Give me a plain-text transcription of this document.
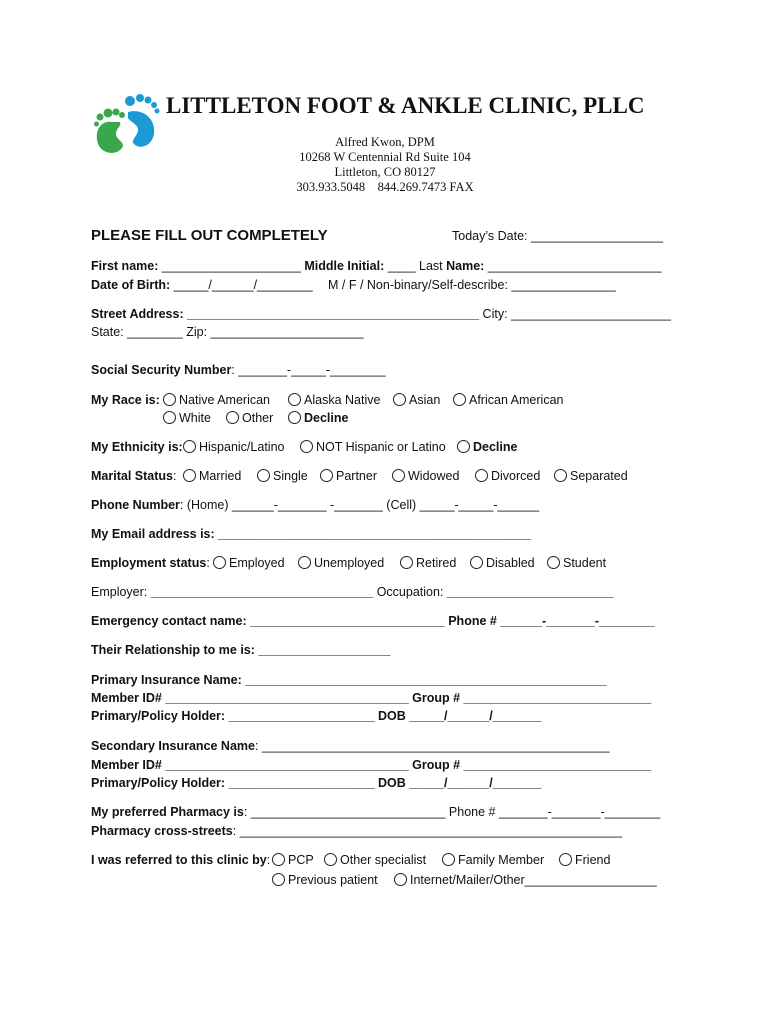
LITTLETON FOOT & ANKLE CLINIC, PLLC
Alfred Kwon, DPM
10268 W Centennial Rd Suite 104
Littleton, CO 80127
303.933.5048    844.269.7473 FAX
PLEASE FILL OUT COMPLETELY	Today’s Date: ___________________
First name: ____________________ Middle Initial: ____ Last Name: _________________________
Date of Birth: _____/______/________ M / F / Non-binary/Self-describe: _______________
Street Address: __________________________________________ City: _______________________
State: ________ Zip: ______________________
Social Security Number: _______-_____-________
My Race is:	Native American	Alaska Native	Asian	African American
White	Other	Decline
My Ethnicity is:	Hispanic/Latino	NOT Hispanic or Latino	Decline
Marital Status:	Married	Single	Partner	Widowed	Divorced	Separated
Phone Number: (Home) ______-_______ -_______ (Cell) _____-_____-______
My Email address is: _____________________________________________
Employment status:	Employed	Unemployed	Retired	Disabled	Student
Employer: ________________________________ Occupation: ________________________
Emergency contact name: ____________________________ Phone # ______-_______-________
Their Relationship to me is: ___________________
Primary Insurance Name: ____________________________________________________
Member ID# ___________________________________ Group # ___________________________
Primary/Policy Holder: _____________________ DOB _____/______/_______
Secondary Insurance Name: __________________________________________________
Member ID# ___________________________________ Group # ___________________________
Primary/Policy Holder: _____________________ DOB _____/______/_______
My preferred Pharmacy is: ____________________________ Phone # _______-_______-________
Pharmacy cross-streets: _______________________________________________________
I was referred to this clinic by:	PCP	Other specialist	Family Member	Friend
Previous patient	Internet/Mailer/Other___________________
